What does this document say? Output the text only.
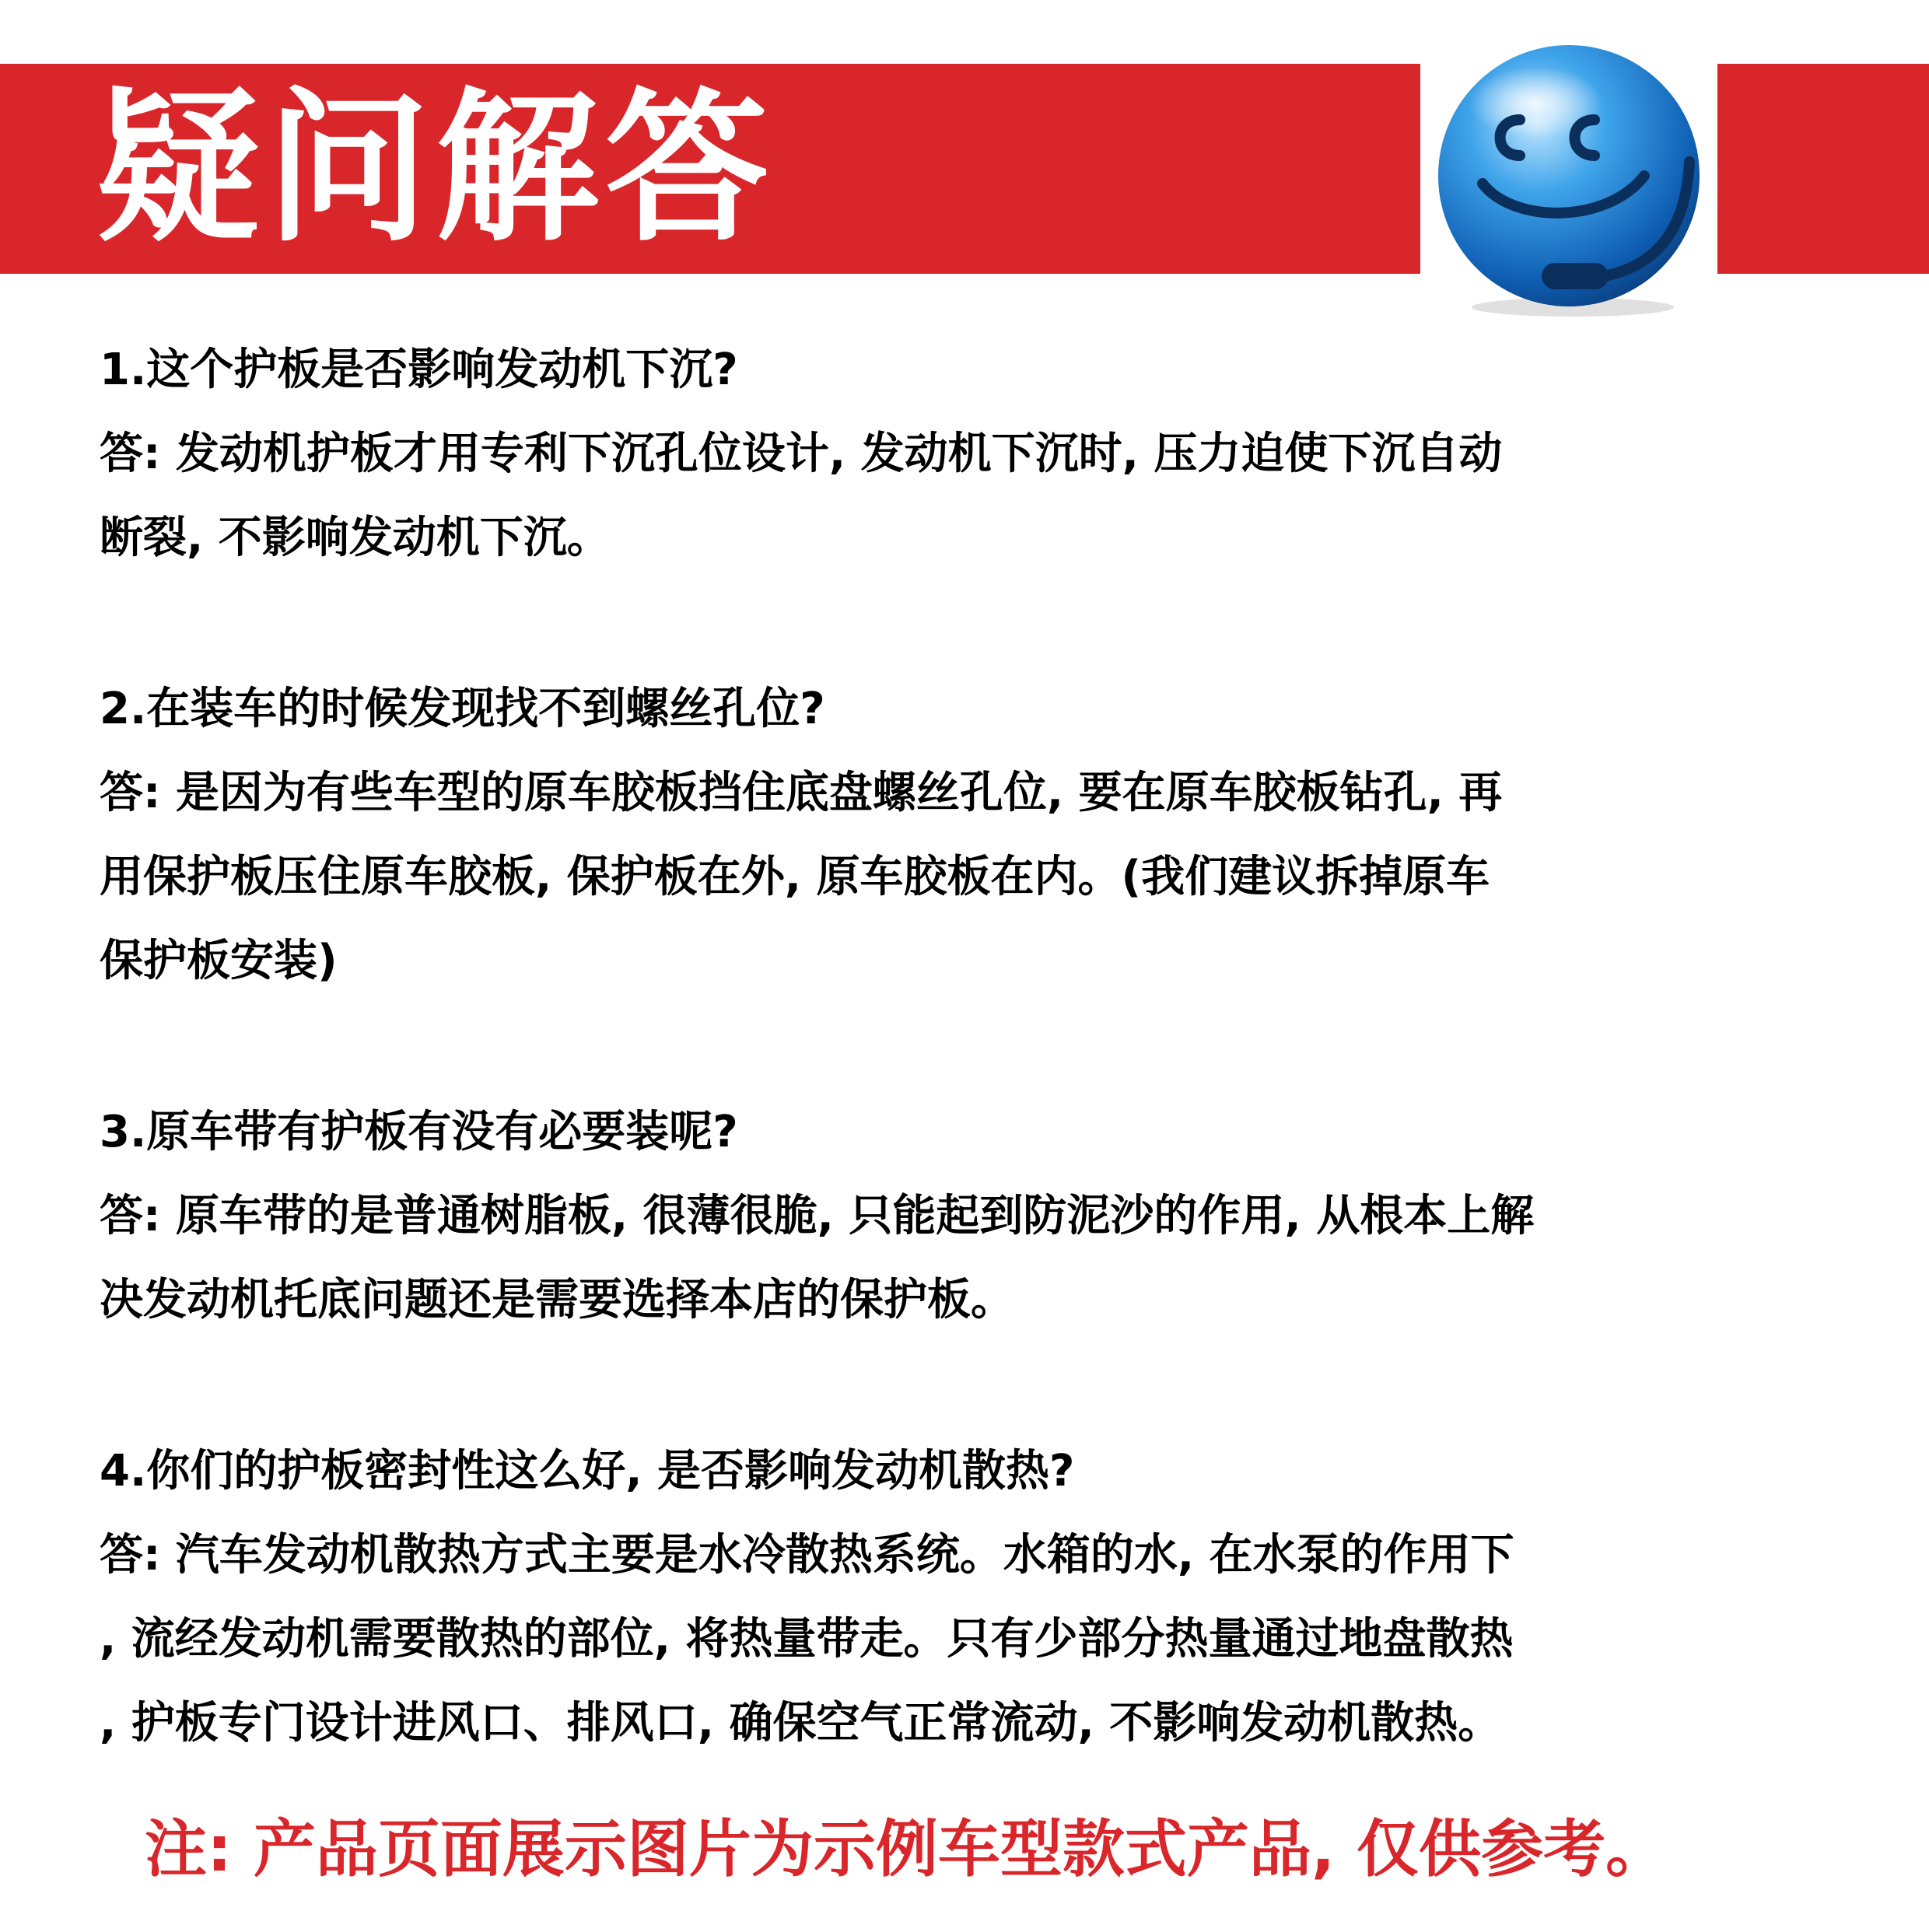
疑问解答

1.这个护板是否影响发动机下沉?

答: 发动机护板才用专利下沉孔位设计, 发动机下沉时, 压力迫使下沉自动
断裂, 不影响发动机下沉。

2.在装车的时候发现找不到螺丝孔位?

答: 是因为有些车型的原车胶板挡住底盘螺丝孔位, 要在原车胶板钻孔, 再
用保护板压住原车胶板, 保护板在外, 原车胶板在内。(我们建议拆掉原车
保护板安装)

3.原车带有护板有没有必要装呢?

答: 原车带的是普通树脂板, 很薄很脆, 只能起到防泥沙的作用, 从根本上解
决发动机托底问题还是需要选择本店的保护板。

4.你们的护板密封性这么好, 是否影响发动机散热?

答: 汽车发动机散热方式主要是水冷散热系统。水箱的水, 在水泵的作用下
, 流经发动机需要散热的部位, 将热量带走。只有少部分热量通过地盘散热
, 护板专门设计进风口、排风口, 确保空气正常流动, 不影响发动机散热。

注: 产品页面展示图片为示例车型款式产品, 仅供参考。
